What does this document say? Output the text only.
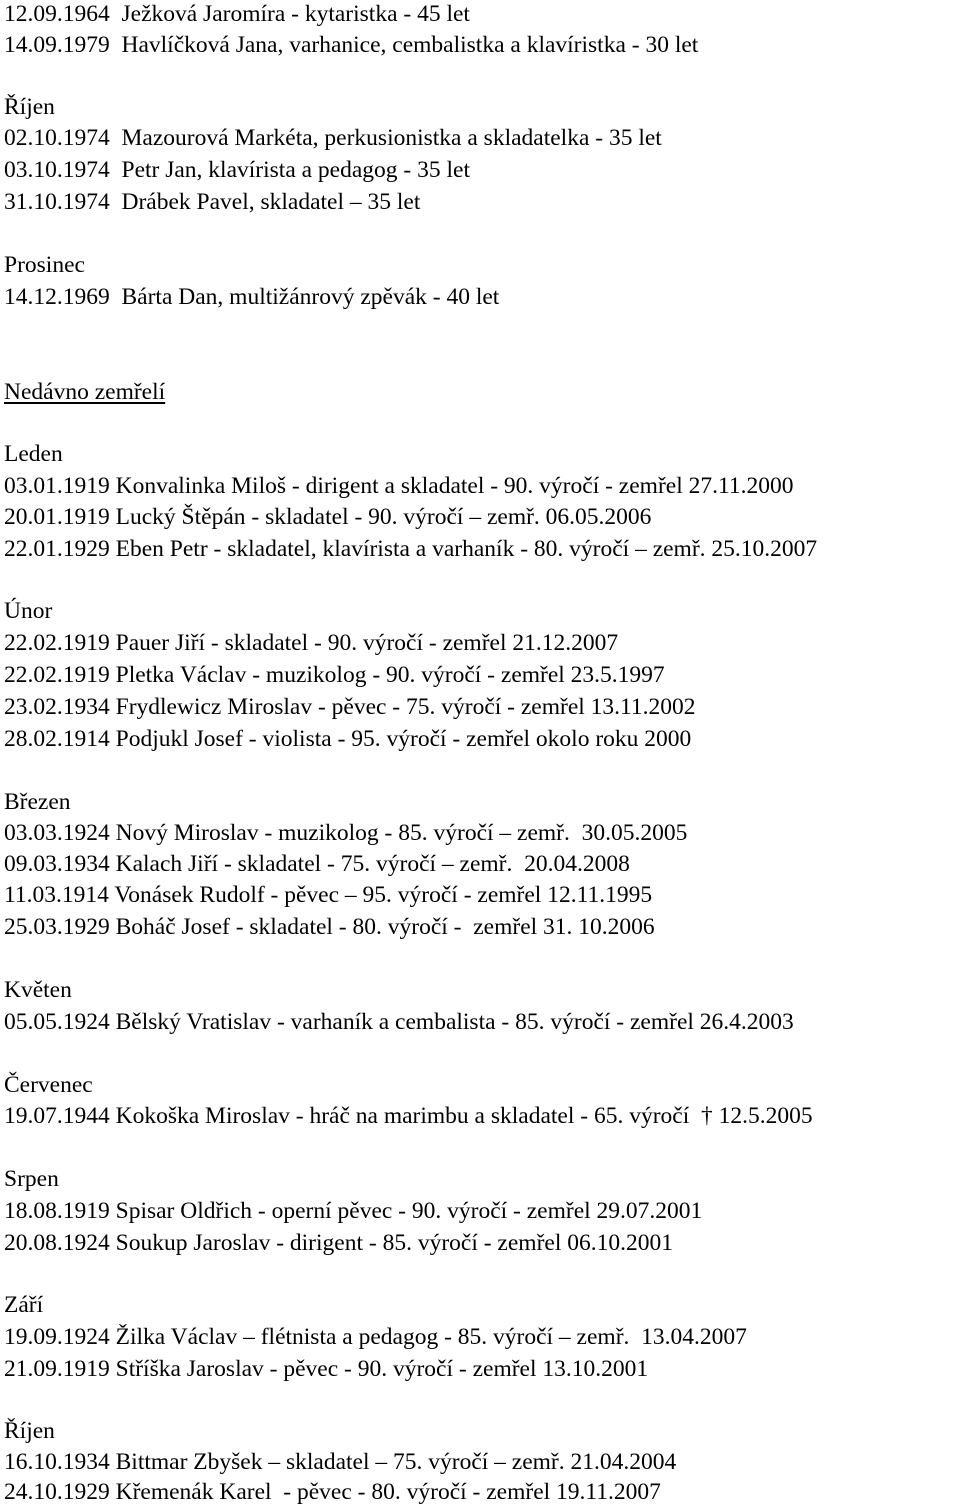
12.09.1964  Ježková Jaromíra - kytaristka - 45 let
14.09.1979  Havlíčková Jana, varhanice, cembalistka a klavíristka - 30 let
Říjen
02.10.1974  Mazourová Markéta, perkusionistka a skladatelka - 35 let
03.10.1974  Petr Jan, klavírista a pedagog - 35 let
31.10.1974  Drábek Pavel, skladatel – 35 let
Prosinec
14.12.1969  Bárta Dan, multižánrový zpěvák - 40 let
Nedávno zemřelí
Leden
03.01.1919 Konvalinka Miloš - dirigent a skladatel - 90. výročí - zemřel 27.11.2000
20.01.1919 Lucký Štěpán - skladatel - 90. výročí – zemř. 06.05.2006
22.01.1929 Eben Petr - skladatel, klavírista a varhaník - 80. výročí – zemř. 25.10.2007
Únor
22.02.1919 Pauer Jiří - skladatel - 90. výročí - zemřel 21.12.2007
22.02.1919 Pletka Václav - muzikolog - 90. výročí - zemřel 23.5.1997
23.02.1934 Frydlewicz Miroslav - pěvec - 75. výročí - zemřel 13.11.2002
28.02.1914 Podjukl Josef - violista - 95. výročí - zemřel okolo roku 2000
Březen
03.03.1924 Nový Miroslav - muzikolog - 85. výročí – zemř.  30.05.2005
09.03.1934 Kalach Jiří - skladatel - 75. výročí – zemř.  20.04.2008
11.03.1914 Vonásek Rudolf - pěvec – 95. výročí - zemřel 12.11.1995
25.03.1929 Boháč Josef - skladatel - 80. výročí -  zemřel 31. 10.2006
Květen
05.05.1924 Bělský Vratislav - varhaník a cembalista - 85. výročí - zemřel 26.4.2003
Červenec
19.07.1944 Kokoška Miroslav - hráč na marimbu a skladatel - 65. výročí  † 12.5.2005
Srpen
18.08.1919 Spisar Oldřich - operní pěvec - 90. výročí - zemřel 29.07.2001
20.08.1924 Soukup Jaroslav - dirigent - 85. výročí - zemřel 06.10.2001
Září
19.09.1924 Žilka Václav – flétnista a pedagog - 85. výročí – zemř.  13.04.2007
21.09.1919 Stříška Jaroslav - pěvec - 90. výročí - zemřel 13.10.2001
Říjen
16.10.1934 Bittmar Zbyšek – skladatel – 75. výročí – zemř. 21.04.2004
24.10.1929 Křemenák Karel  - pěvec - 80. výročí - zemřel 19.11.2007
